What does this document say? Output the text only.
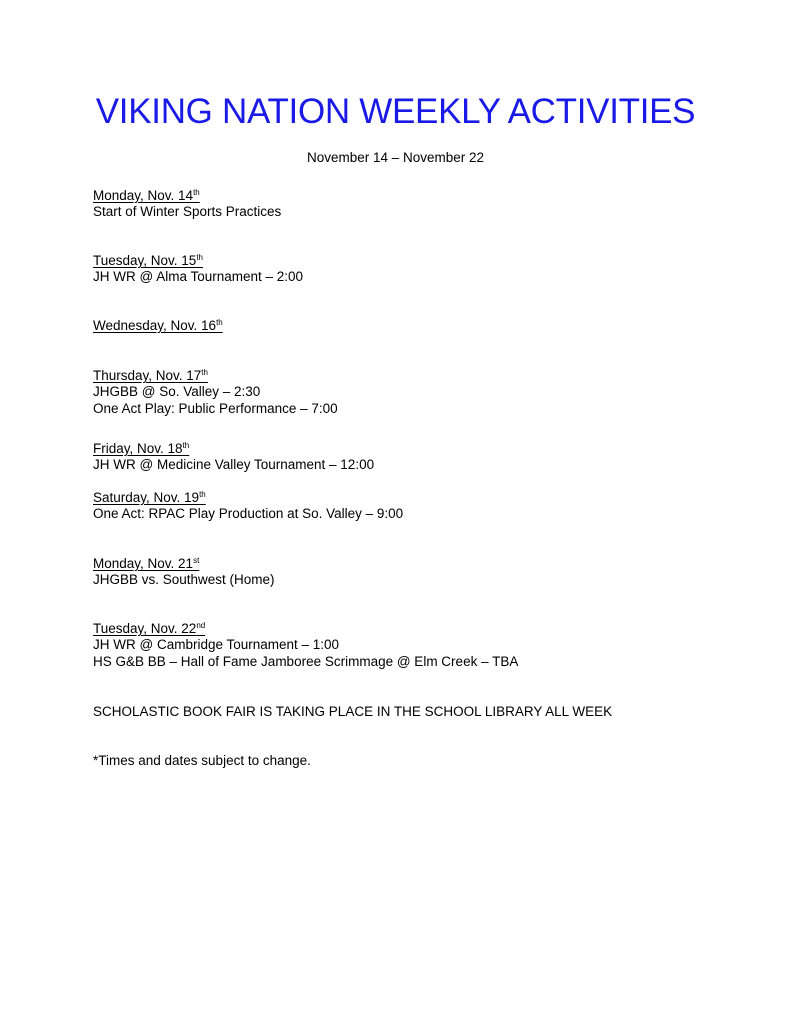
VIKING NATION WEEKLY ACTIVITIES
November 14 – November 22
Monday, Nov. 14th
Start of Winter Sports Practices
Tuesday, Nov. 15th
JH WR @ Alma Tournament – 2:00
Wednesday, Nov. 16th
Thursday, Nov. 17th
JHGBB @ So. Valley – 2:30
One Act Play: Public Performance – 7:00
Friday, Nov. 18th
JH WR @ Medicine Valley Tournament – 12:00
Saturday, Nov. 19th
One Act: RPAC Play Production at So. Valley – 9:00
Monday, Nov. 21st
JHGBB vs. Southwest (Home)
Tuesday, Nov. 22nd
JH WR @ Cambridge Tournament – 1:00
HS G&B BB – Hall of Fame Jamboree Scrimmage @ Elm Creek – TBA
SCHOLASTIC BOOK FAIR IS TAKING PLACE IN THE SCHOOL LIBRARY ALL WEEK
*Times and dates subject to change.
